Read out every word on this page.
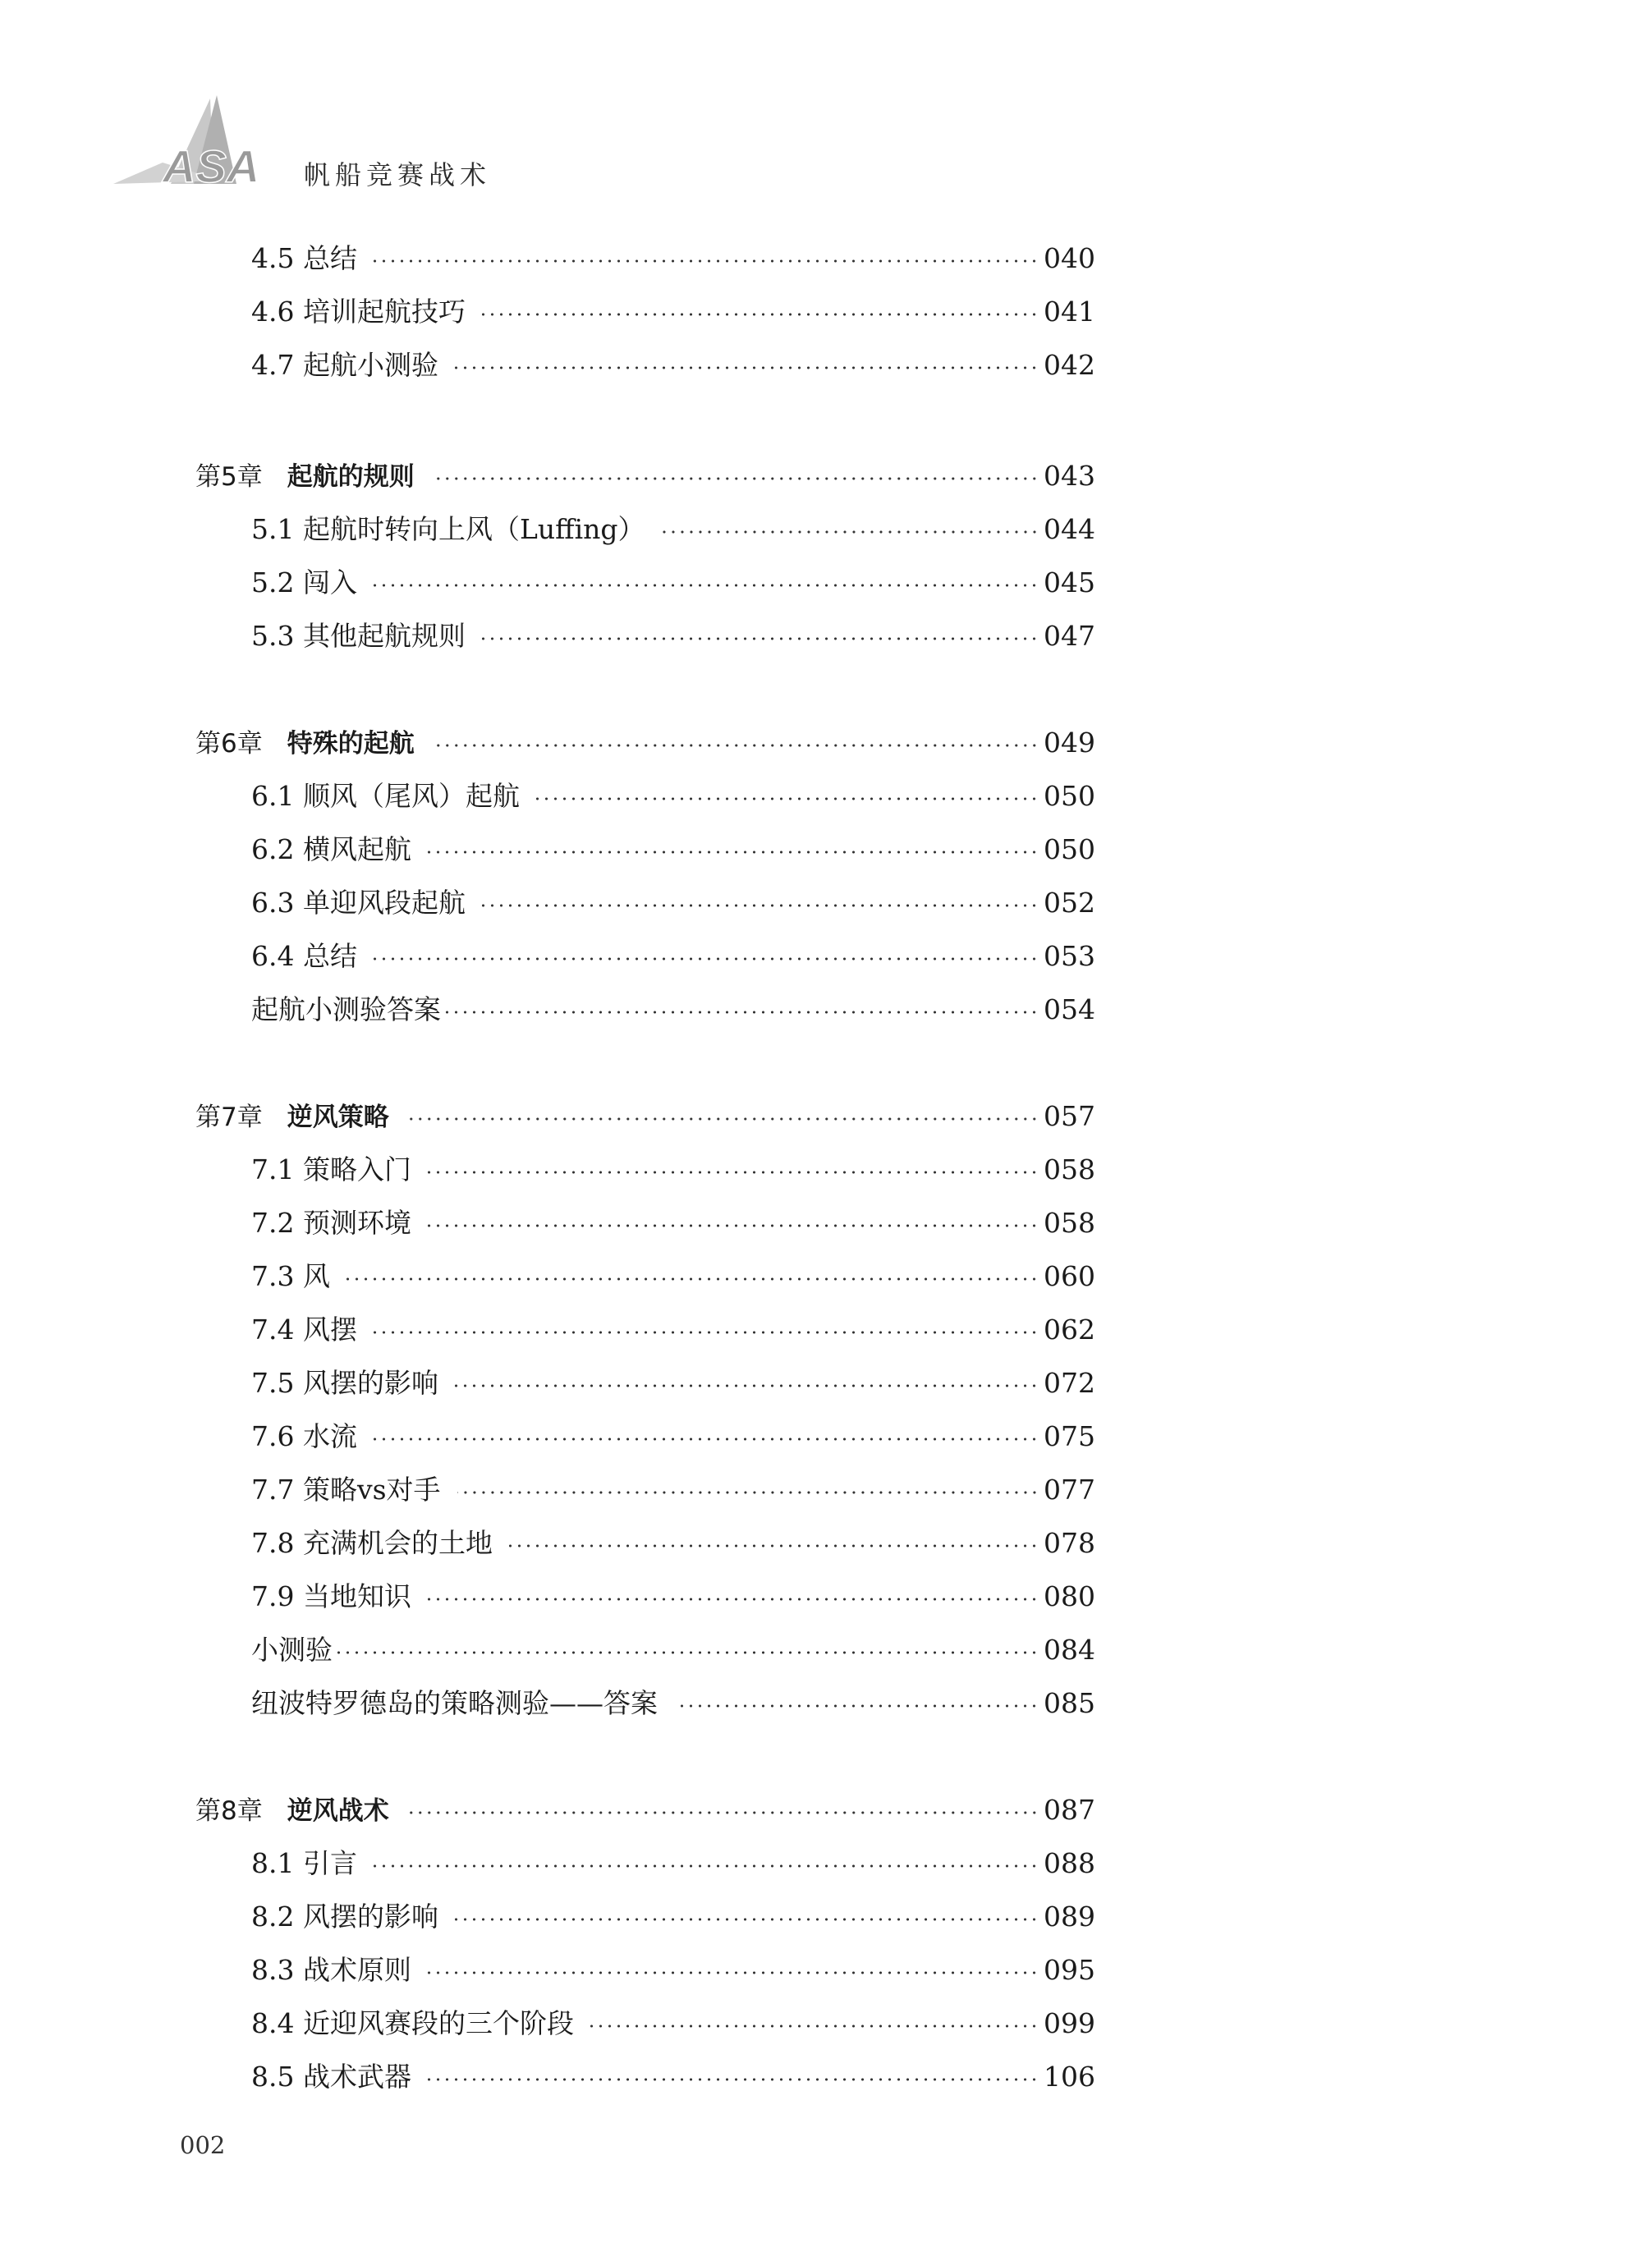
ASA 帆船竞赛战术
4.5 总结	040
4.6 培训起航技巧	041
4.7 起航小测验	042
第5章 起航的规则	043
5.1 起航时转向上风（Luffing）	044
5.2 闯入	045
5.3 其他起航规则	047
第6章 特殊的起航	049
6.1 顺风（尾风）起航	050
6.2 横风起航	050
6.3 单迎风段起航	052
6.4 总结	053
起航小测验答案	054
第7章 逆风策略	057
7.1 策略入门	058
7.2 预测环境	058
7.3 风	060
7.4 风摆	062
7.5 风摆的影响	072
7.6 水流	075
7.7 策略vs对手	077
7.8 充满机会的土地	078
7.9 当地知识	080
小测验	084
纽波特罗德岛的策略测验——答案	085
第8章 逆风战术	087
8.1 引言	088
8.2 风摆的影响	089
8.3 战术原则	095
8.4 近迎风赛段的三个阶段	099
8.5 战术武器	106
002
